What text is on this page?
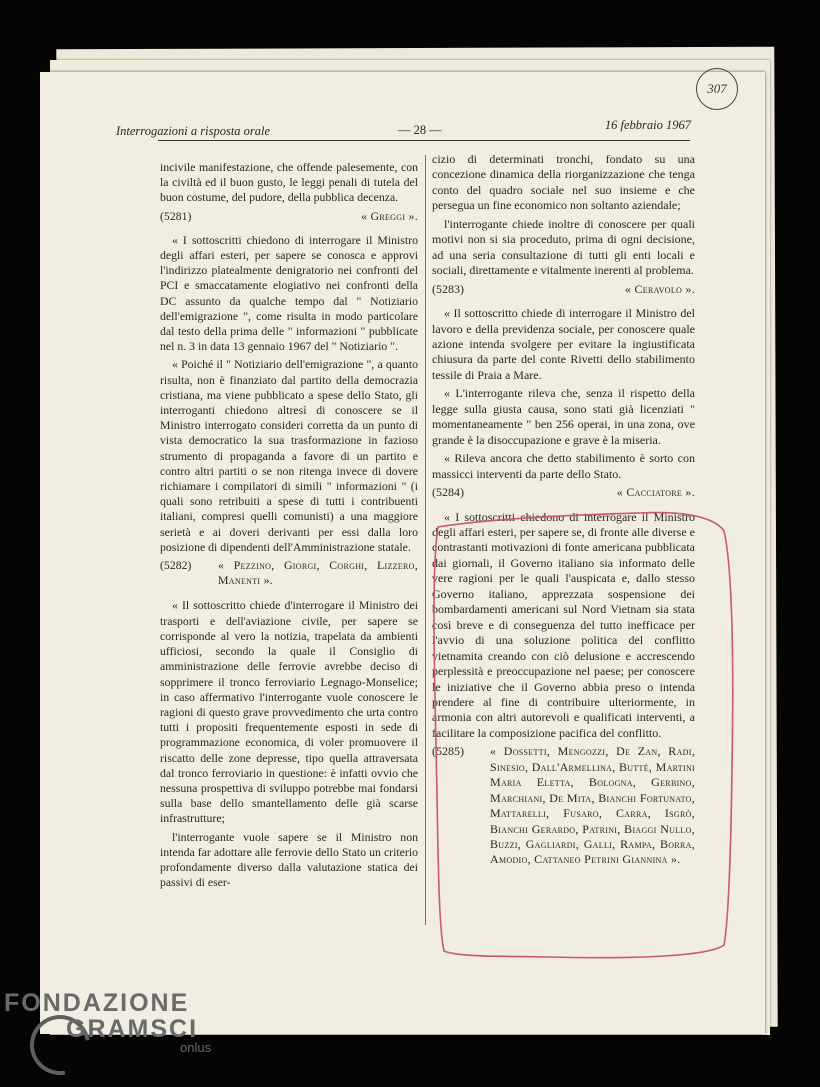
307
Interrogazioni a risposta orale	— 28 —	16 febbraio 1967

incivile manifestazione, che offende palesemente, con la civiltà ed il buon gusto, le leggi penali di tutela del buon costume, del pudore, della pubblica decenza.

(5281)	« Greggi ».

« I sottoscritti chiedono di interrogare il Ministro degli affari esteri, per sapere se conosca e approvi l'indirizzo platealmente denigratorio nei confronti del PCI e smaccatamente elogiativo nei confronti della DC assunto da qualche tempo dal " Notiziario dell'emigrazione ", come risulta in modo particolare dal testo della prima delle " informazioni " pubblicate nel n. 3 in data 13 gennaio 1967 del " Notiziario ".

« Poiché il " Notiziario dell'emigrazione ", a quanto risulta, non è finanziato dal partito della democrazia cristiana, ma viene pubblicato a spese dello Stato, gli interroganti chiedono altresì di conoscere se il Ministro interrogato consideri corretta da un punto di vista democratico la sua trasformazione in fazioso strumento di propaganda a favore di un partito e contro altri partiti o se non ritenga invece di dovere richiamare i compilatori di simili " informazioni " (i quali sono retribuiti a spese di tutti i contribuenti italiani, compresi quelli comunisti) a una maggiore serietà e ai doveri derivanti per essi dalla loro posizione di dipendenti dell'Amministrazione statale.

(5282)	« Pezzino, Giorgi, Corghi, Lizzero, Manenti ».

« Il sottoscritto chiede d'interrogare il Ministro dei trasporti e dell'aviazione civile, per sapere se corrisponde al vero la notizia, trapelata da ambienti ufficiosi, secondo la quale il Consiglio di amministrazione delle ferrovie avrebbe deciso di sopprimere il tronco ferroviario Legnago-Monselice; in caso affermativo l'interrogante vuole conoscere le ragioni di questo grave provvedimento che urta contro tutti i propositi frequentemente esposti in sede di programmazione economica, di voler promuovere il riscatto delle zone depresse, tipo quella attraversata dal tronco ferroviario in questione: è infatti ovvio che nessuna prospettiva di sviluppo potrebbe mai fondarsi sulla base dello smantellamento delle già scarse infrastrutture;

l'interrogante vuole sapere se il Ministro non intenda far adottare alle ferrovie dello Stato un criterio profondamente diverso dalla valutazione statica dei passivi di eser-

cizio di determinati tronchi, fondato su una concezione dinamica della riorganizzazione che tenga conto del quadro sociale nel suo insieme e che persegua un fine economico non soltanto aziendale;

l'interrogante chiede inoltre di conoscere per quali motivi non si sia proceduto, prima di ogni decisione, ad una seria consultazione di tutti gli enti locali e sociali, direttamente e vitalmente inerenti al problema.

(5283)	« Ceravolo ».

« Il sottoscritto chiede di interrogare il Ministro del lavoro e della previdenza sociale, per conoscere quale azione intenda svolgere per evitare la ingiustificata chiusura da parte del conte Rivetti dello stabilimento tessile di Praia a Mare.

« L'interrogante rileva che, senza il rispetto della legge sulla giusta causa, sono stati già licenziati " momentaneamente " ben 256 operai, in una zona, ove grande è la disoccupazione e grave è la miseria.

« Rileva ancora che detto stabilimento è sorto con massicci interventi da parte dello Stato.

(5284)	« Cacciatore ».

« I sottoscritti chiedono di interrogare il Ministro degli affari esteri, per sapere se, di fronte alle diverse e contrastanti motivazioni di fonte americana pubblicata dai giornali, il Governo italiano sia informato delle vere ragioni per le quali l'auspicata e, dallo stesso Governo italiano, apprezzata sospensione dei bombardamenti americani sul Nord Vietnam sia stata così breve e di conseguenza del tutto inefficace per l'avvio di una soluzione politica del conflitto vietnamita creando con ciò delusione e accrescendo perplessità e preoccupazione nel paese; per conoscere le iniziative che il Governo abbia preso o intenda prendere al fine di contribuire ulteriormente, in armonia con altri autorevoli e qualificati interventi, a facilitare la composizione pacifica del conflitto.

(5285)	« Dossetti, Mengozzi, De Zan, Radi, Sinesio, Dall'Armellina, Buttè, Martini Maria Eletta, Bologna, Gerbino, Marchiani, De Mita, Bianchi Fortunato, Mattarelli, Fusaro, Carra, Isgrò, Bianchi Gerardo, Patrini, Biaggi Nullo, Buzzi, Gagliardi, Galli, Rampa, Borra, Amodio, Cattaneo Petrini Giannina ».
FONDAZIONE
GRAMSCI
onlus
